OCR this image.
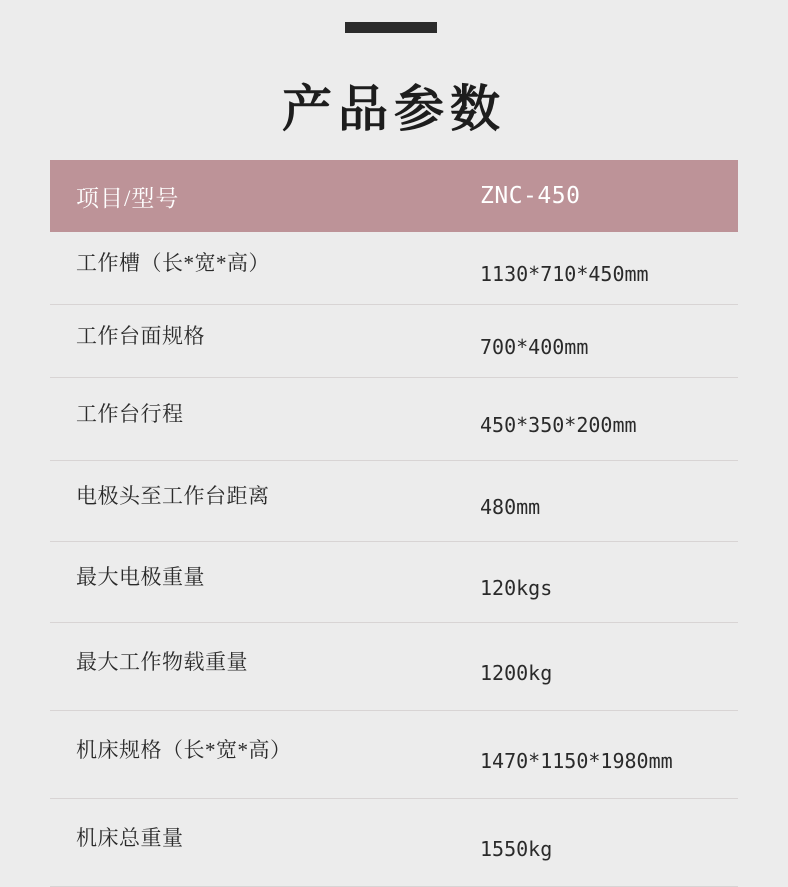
产品参数
项目/型号	ZNC-450
工作槽（长*宽*高）	1130*710*450mm
工作台面规格	700*400mm
工作台行程	450*350*200mm
电极头至工作台距离	480mm
最大电极重量	120kgs
最大工作物载重量	1200kg
机床规格（长*宽*高）	1470*1150*1980mm
机床总重量	1550kg
